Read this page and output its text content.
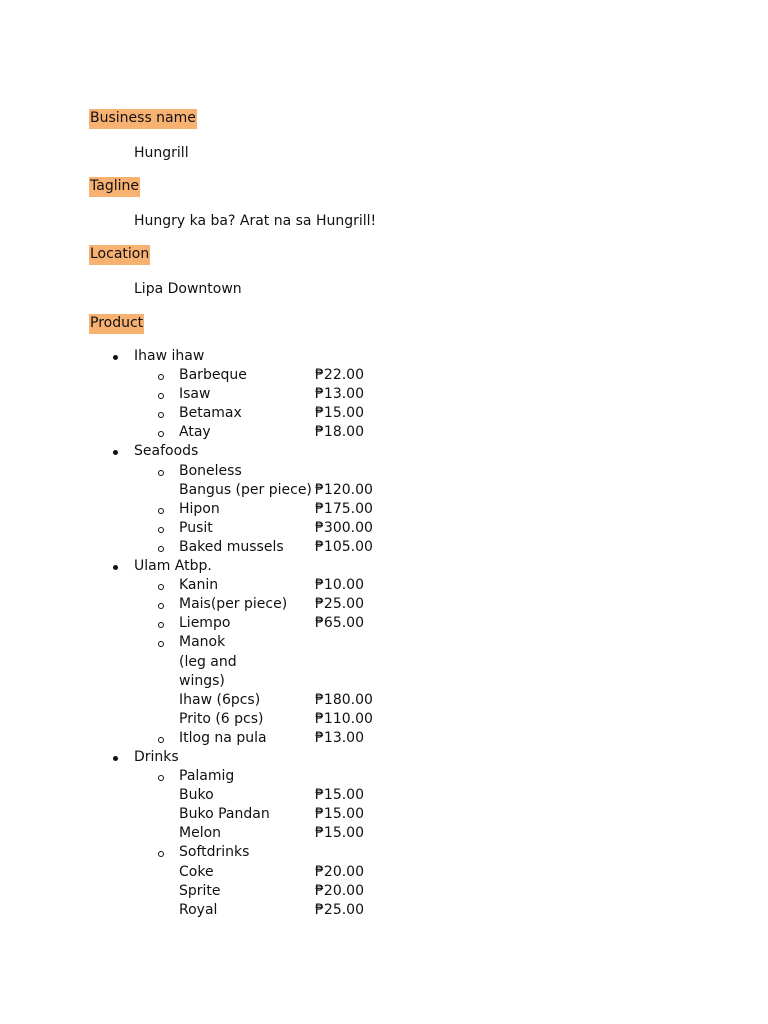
Business name
Hungrill
Tagline
Hungry ka ba? Arat na sa Hungrill!
Location
Lipa Downtown
Product
Ihaw ihaw
Barbeque	₱22.00
Isaw	₱13.00
Betamax	₱15.00
Atay	₱18.00
Seafoods
Boneless
Bangus (per piece) ₱120.00
Hipon	₱175.00
Pusit	₱300.00
Baked mussels ₱105.00
Ulam Atbp.
Kanin	₱10.00
Mais(per piece) ₱25.00
Liempo	₱65.00
Manok
(leg and
wings)
Ihaw (6pcs)	₱180.00
Prito (6 pcs)	₱110.00
Itlog na pula	₱13.00
Drinks
Palamig
Buko	₱15.00
Buko Pandan	₱15.00
Melon	₱15.00
Softdrinks
Coke	₱20.00
Sprite	₱20.00
Royal	₱25.00
